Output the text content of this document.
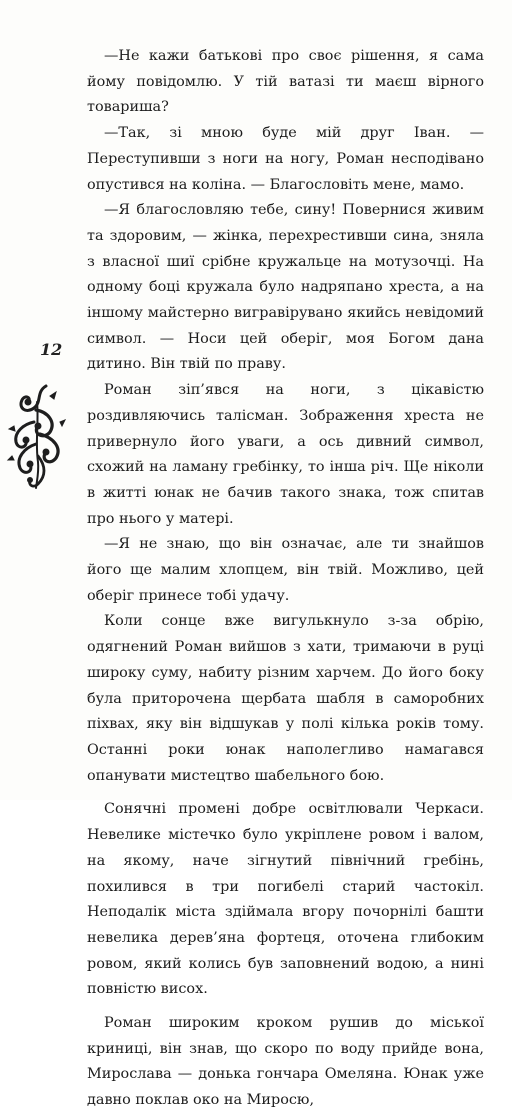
12

—Не кажи батькові про своє рішення, я сама йому повідомлю. У тій ватазі ти маєш вірного товариша?

—Так, зі мною буде мій друг Іван. — Переступивши з ноги на ногу, Роман несподівано опустився на коліна. — Благословіть мене, мамо.

—Я благословляю тебе, сину! Повернися живим та здоровим, — жінка, перехрестивши сина, зняла з власної шиї срібне кружальце на мотузочці. На одному боці кружала було надряпано хреста, а на іншому майстерно вигравірувано якийсь невідомий символ. — Носи цей оберіг, моя Богом дана дитино. Він твій по праву.

Роман зіп’явся на ноги, з цікавістю роздивляючись талісман. Зображення хреста не привернуло його уваги, а ось дивний символ, схожий на ламану гребінку, то інша річ. Ще ніколи в житті юнак не бачив такого знака, тож спитав про нього у матері.

—Я не знаю, що він означає, але ти знайшов його ще малим хлопцем, він твій. Можливо, цей оберіг принесе тобі удачу.

Коли сонце вже вигулькнуло з-за обрію, одягнений Роман вийшов з хати, тримаючи в руці широку суму, набиту різним харчем. До його боку була приторочена щербата шабля в саморобних піхвах, яку він відшукав у полі кілька років тому. Останні роки юнак наполегливо намагався опанувати мистецтво шабельного бою.

Сонячні промені добре освітлювали Черкаси. Невелике містечко було укріплене ровом і валом, на якому, наче зігнутий північний гребінь, похилився в три погибелі старий частокіл. Неподалік міста здіймала вгору почорнілі башти невелика дерев’яна фортеця, оточена глибоким ровом, який колись був заповнений водою, а нині повністю висох.

Роман широким кроком рушив до міської криниці, він знав, що скоро по воду прийде вона, Мирослава — донька гончара Омеляна. Юнак уже давно поклав око на Миросю,
